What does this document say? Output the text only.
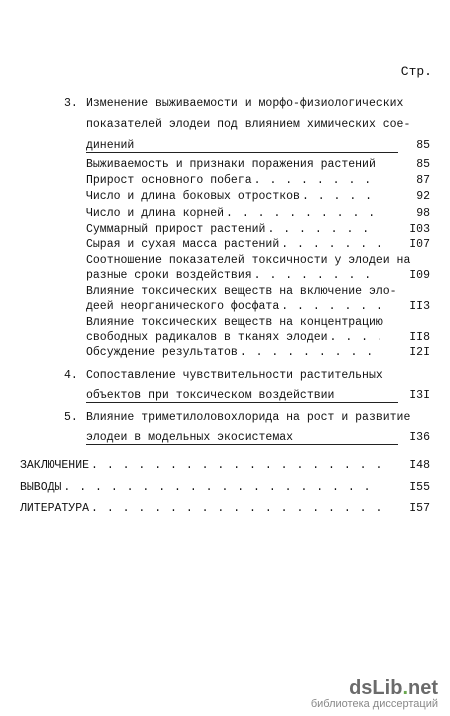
Стр.
3. Изменение выживаемости и морфо-физиологических
показателей элодеи под влиянием химических сое-
динений	85
Выживаемость и признаки поражения растений . . .	85
Прирост основного побега . . .	87
Число и длина боковых отростков . . .	92
Число и длина корней . . .	98
Суммарный прирост растений . . .	I03
Сырая и сухая масса растений . . .	I07
Соотношение показателей токсичности у элодеи на
разные сроки воздействия . . .	I09
Влияние токсических веществ на включение эло-
дeей неорганического фосфата . . .	II3
Влияние токсических веществ на концентрацию
свободных радикалов в тканях элодеи . . .	II8
Обсуждение результатов . . .	I2I
4. Сопоставление чувствительности растительных
объектов при токсическом воздействии	I3I
5. Влияние триметилоловохлорида на рост и развитие
элодеи в модельных экосистемах	I36
ЗАКЛЮЧЕНИЕ . . .	I48
ВЫВОДЫ . . .	I55
ЛИТЕРАТУРА . . .	I57
dsLib.net
библиотека диссертаций
